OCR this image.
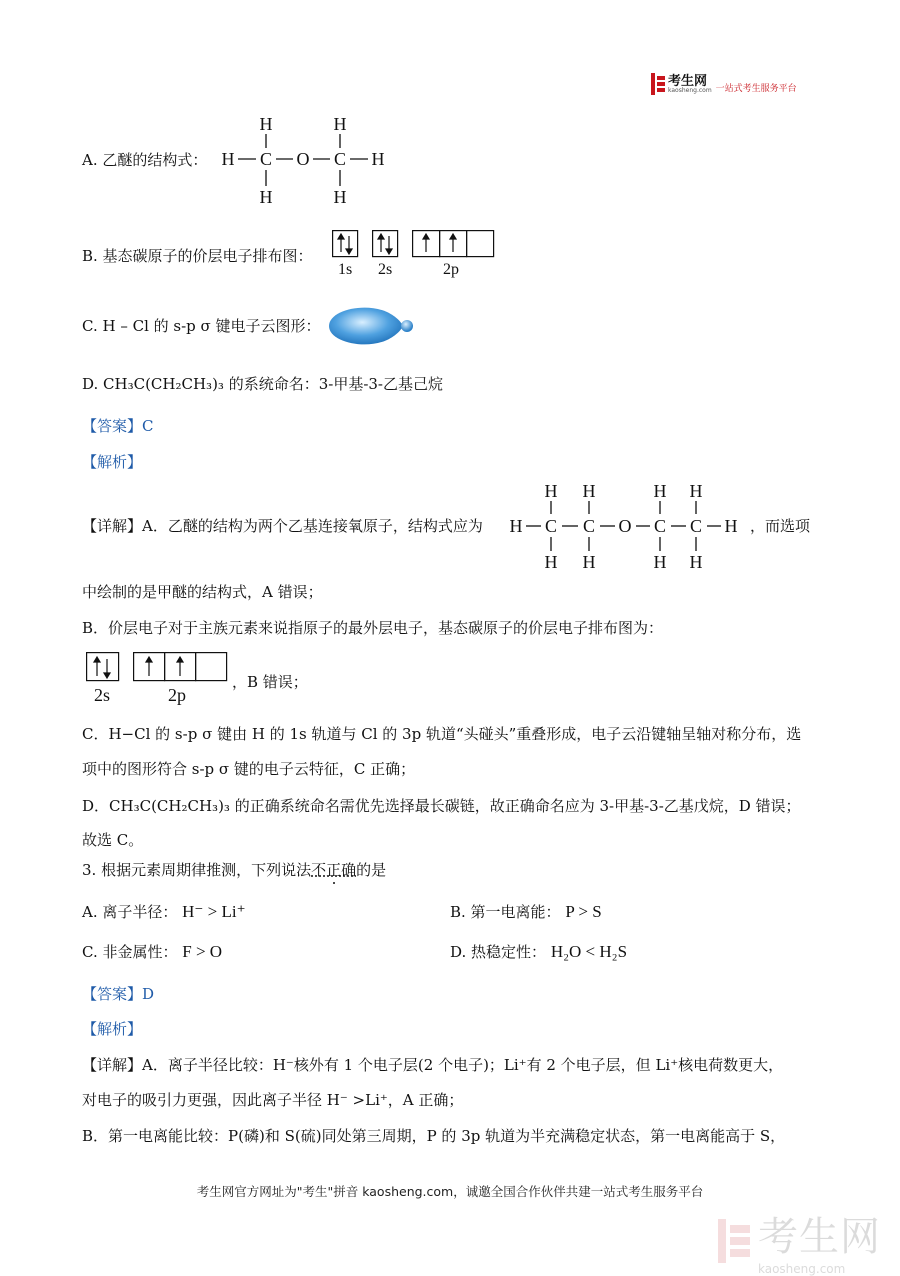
考生网
kaosheng.com 一站式考生服务平台
A. 乙醚的结构式：
H	H
H C O C H
H	H
B. 基态碳原子的价层电子排布图：
1s 2s	2p
C. H – Cl 的 s-p σ 键电子云图形：
D. CH₃C(CH₂CH₃)₃ 的系统命名：3-甲基-3-乙基己烷
【答案】C
【解析】
【详解】A．乙醚的结构为两个乙基连接氧原子，结构式应为
H H	H H
H C C O C C H
H H	H H
，而选项
中绘制的是甲醚的结构式，A 错误；
B．价层电子对于主族元素来说指原子的最外层电子，基态碳原子的价层电子排布图为：
2s	2p
，B 错误；
C．H−Cl 的 s-p σ 键由 H 的 1s 轨道与 Cl 的 3p 轨道“头碰头”重叠形成，电子云沿键轴呈轴对称分布，选
项中的图形符合 s-p σ 键的电子云特征，C 正确；
D．CH₃C(CH₂CH₃)₃ 的正确系统命名需优先选择最长碳链，故正确命名应为 3-甲基-3-乙基戊烷，D 错误；
故选 C。
3. 根据元素周期律推测，下列说法不正确的是
A. 离子半径： H⁻ > Li⁺	B. 第一电离能： P > S
C. 非金属性： F > O	D. 热稳定性： H₂O < H₂S
【答案】D
【解析】
【详解】A．离子半径比较：H⁻核外有 1 个电子层(2 个电子)；Li⁺有 2 个电子层，但 Li⁺核电荷数更大，
对电子的吸引力更强，因此离子半径 H⁻ >Li⁺，A 正确；
B．第一电离能比较：P(磷)和 S(硫)同处第三周期，P 的 3p 轨道为半充满稳定状态，第一电离能高于 S，
考生网官方网址为"考生"拼音 kaosheng.com，诚邀全国合作伙伴共建一站式考生服务平台
考生网
kaosheng.com
